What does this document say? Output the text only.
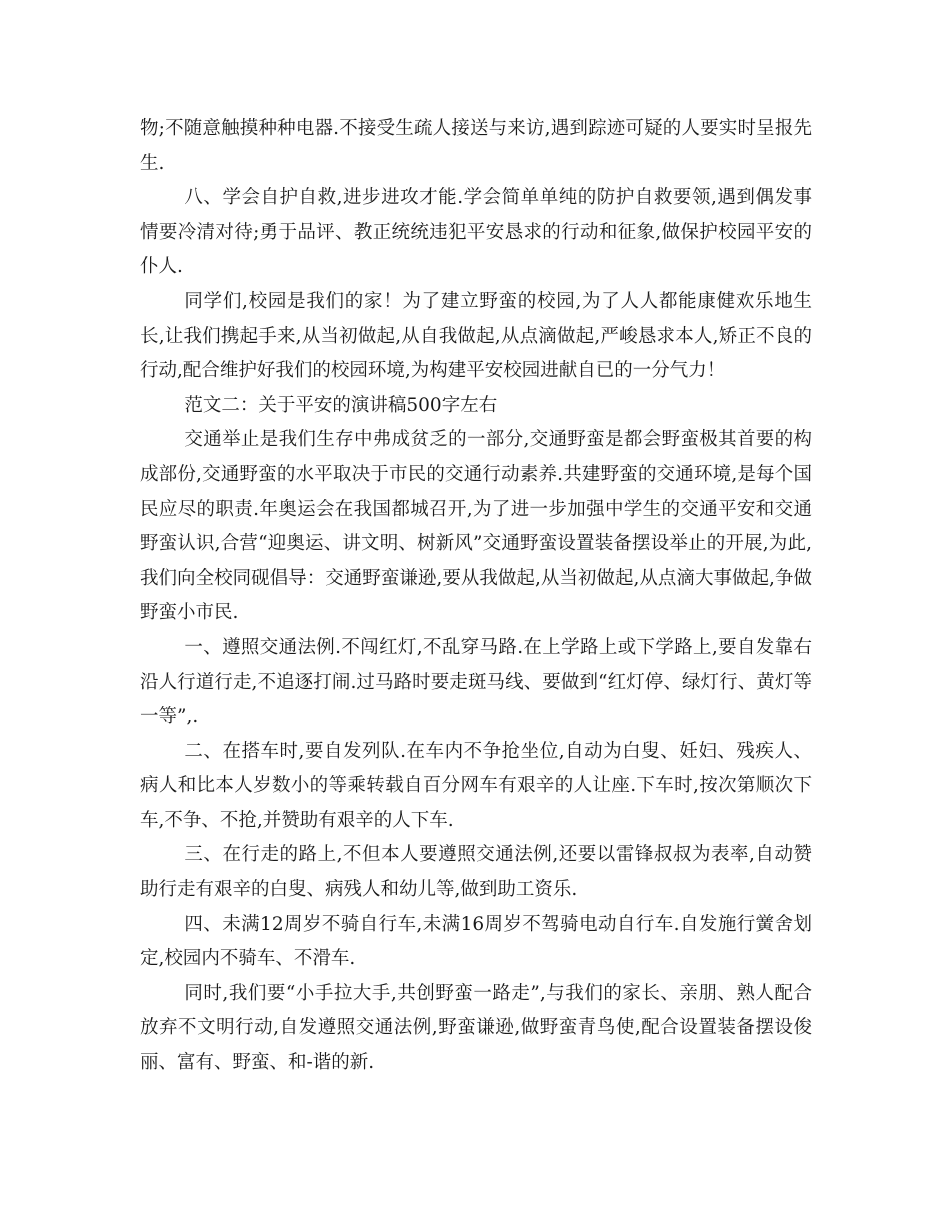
物;不随意触摸种种电器.不接受生疏人接送与来访,遇到踪迹可疑的人要实时呈报先生.

八、学会自护自救,进步进攻才能.学会简单单纯的防护自救要领,遇到偶发事情要冷清对待;勇于品评、教正统统违犯平安恳求的行动和征象,做保护校园平安的仆人.

同学们,校园是我们的家！为了建立野蛮的校园,为了人人都能康健欢乐地生长,让我们携起手来,从当初做起,从自我做起,从点滴做起,严峻恳求本人,矫正不良的行动,配合维护好我们的校园环境,为构建平安校园进献自已的一分气力！

范文二：关于平安的演讲稿500字左右

交通举止是我们生存中弗成贫乏的一部分,交通野蛮是都会野蛮极其首要的构成部份,交通野蛮的水平取决于市民的交通行动素养.共建野蛮的交通环境,是每个国民应尽的职责.年奥运会在我国都城召开,为了进一步加强中学生的交通平安和交通野蛮认识,合营“迎奥运、讲文明、树新风”交通野蛮设置装备摆设举止的开展,为此,我们向全校同砚倡导：交通野蛮谦逊,要从我做起,从当初做起,从点滴大事做起,争做野蛮小市民.

一、遵照交通法例.不闯红灯,不乱穿马路.在上学路上或下学路上,要自发靠右沿人行道行走,不追逐打闹.过马路时要走斑马线、要做到“红灯停、绿灯行、黄灯等一等”,.

二、在搭车时,要自发列队.在车内不争抢坐位,自动为白叟、妊妇、残疾人、病人和比本人岁数小的等乘转载自百分网车有艰辛的人让座.下车时,按次第顺次下车,不争、不抢,并赞助有艰辛的人下车.

三、在行走的路上,不但本人要遵照交通法例,还要以雷锋叔叔为表率,自动赞助行走有艰辛的白叟、病残人和幼儿等,做到助工资乐.

四、未满12周岁不骑自行车,未满16周岁不驾骑电动自行车.自发施行黉舍划定,校园内不骑车、不滑车.

同时,我们要“小手拉大手,共创野蛮一路走”,与我们的家长、亲朋、熟人配合放弃不文明行动,自发遵照交通法例,野蛮谦逊,做野蛮青鸟使,配合设置装备摆设俊丽、富有、野蛮、和-谐的新.
